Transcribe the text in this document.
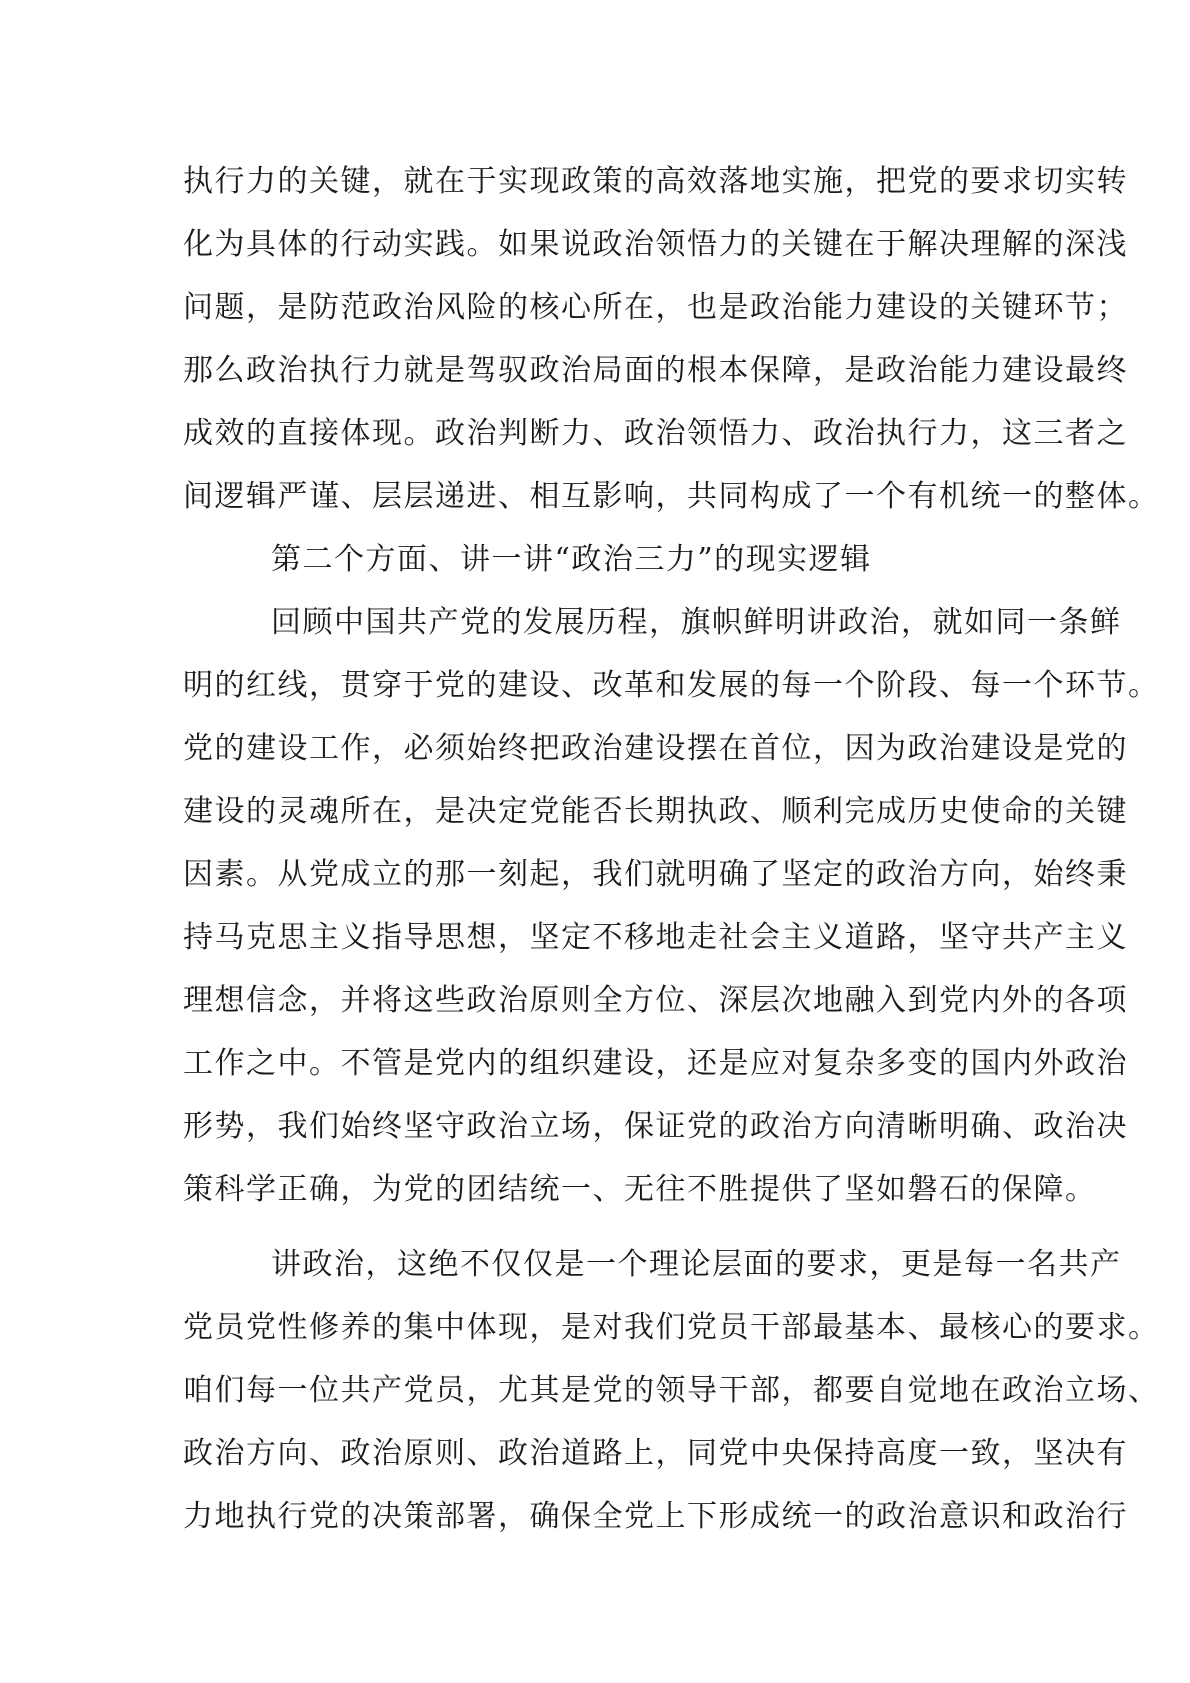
执行力的关键，就在于实现政策的高效落地实施，把党的要求切实转
化为具体的行动实践。如果说政治领悟力的关键在于解决理解的深浅
问题，是防范政治风险的核心所在，也是政治能力建设的关键环节；
那么政治执行力就是驾驭政治局面的根本保障，是政治能力建设最终
成效的直接体现。政治判断力、政治领悟力、政治执行力，这三者之
间逻辑严谨、层层递进、相互影响，共同构成了一个有机统一的整体。

第二个方面、讲一讲“政治三力”的现实逻辑

回顾中国共产党的发展历程，旗帜鲜明讲政治，就如同一条鲜
明的红线，贯穿于党的建设、改革和发展的每一个阶段、每一个环节。
党的建设工作，必须始终把政治建设摆在首位，因为政治建设是党的
建设的灵魂所在，是决定党能否长期执政、顺利完成历史使命的关键
因素。从党成立的那一刻起，我们就明确了坚定的政治方向，始终秉
持马克思主义指导思想，坚定不移地走社会主义道路，坚守共产主义
理想信念，并将这些政治原则全方位、深层次地融入到党内外的各项
工作之中。不管是党内的组织建设，还是应对复杂多变的国内外政治
形势，我们始终坚守政治立场，保证党的政治方向清晰明确、政治决
策科学正确，为党的团结统一、无往不胜提供了坚如磐石的保障。

讲政治，这绝不仅仅是一个理论层面的要求，更是每一名共产
党员党性修养的集中体现，是对我们党员干部最基本、最核心的要求。
咱们每一位共产党员，尤其是党的领导干部，都要自觉地在政治立场、
政治方向、政治原则、政治道路上，同党中央保持高度一致，坚决有
力地执行党的决策部署，确保全党上下形成统一的政治意识和政治行
